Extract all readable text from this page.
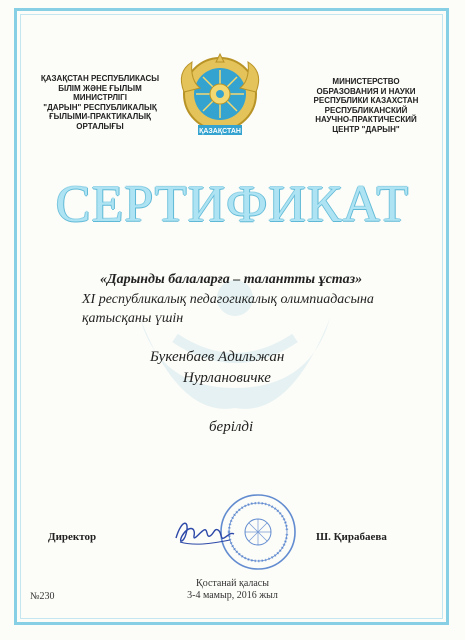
ҚАЗАҚСТАН РЕСПУБЛИКАСЫ
БІЛІМ ЖӘНЕ ҒЫЛЫМ
МИНИСТРЛІГІ
"ДАРЫН" РЕСПУБЛИКАЛЫҚ
ҒЫЛЫМИ-ПРАКТИКАЛЫҚ
ОРТАЛЫҒЫ
МИНИСТЕРСТВО
ОБРАЗОВАНИЯ И НАУКИ
РЕСПУБЛИКИ КАЗАХСТАН
РЕСПУБЛИКАНСКИЙ
НАУЧНО-ПРАКТИЧЕСКИЙ
ЦЕНТР "ДАРЫН"
ҚАЗАҚСТАН
СЕРТИФИКАТ
«Дарынды балаларға – талантты ұстаз»
XI республикалық педагогикалық олимпиадасына
қатысқаны үшін
Букенбаев Адильжан
Нурлановичке
берілді
Директор	Ш. Қирабаева
Қостанай қаласы
3-4 мамыр, 2016 жыл
№230
